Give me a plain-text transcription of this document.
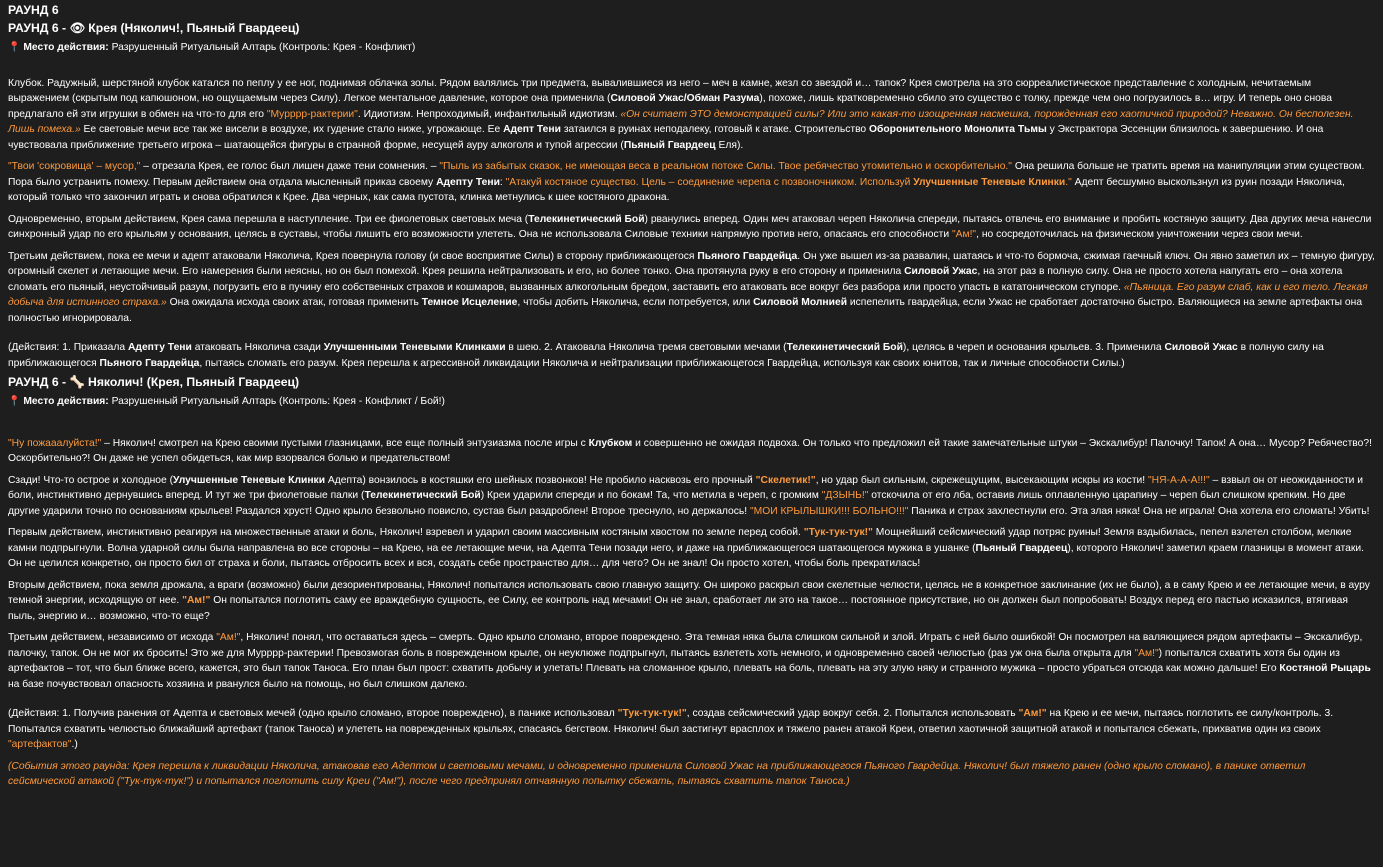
РАУНД 6
РАУНД 6 - 👁 Крея (Няколич!, Пьяный Гвардеец)

📍 Место действия: Разрушенный Ритуальный Алтарь (Контроль: Крея - Конфликт)

Клубок. Радужный, шерстяной клубок катался по пеплу у ее ног, поднимая облачка золы. Рядом валялись три предмета, вывалившиеся из него – меч в камне, жезл со звездой и… тапок? Крея смотрела на это сюрреалистическое представление с холодным, нечитаемым выражением (скрытым под капюшоном, но ощущаемым через Силу). Легкое ментальное давление, которое она применила (Силовой Ужас/Обман Разума), похоже, лишь кратковременно сбило это существо с толку, прежде чем оно погрузилось в… игру. И теперь оно снова предлагало ей эти игрушки в обмен на что-то для его "Мурррр-рактерии". Идиотизм. Непроходимый, инфантильный идиотизм. «Он считает ЭТО демонстрацией силы? Или это какая-то изощренная насмешка, порожденная его хаотичной природой? Неважно. Он бесполезен. Лишь помеха.» Ее световые мечи все так же висели в воздухе, их гудение стало ниже, угрожающе. Ее Адепт Тени затаился в руинах неподалеку, готовый к атаке. Строительство Оборонительного Монолита Тьмы у Экстрактора Эссенции близилось к завершению. И она чувствовала приближение третьего игрока – шатающейся фигуры в странной форме, несущей ауру алкоголя и тупой агрессии (Пьяный Гвардеец Еля).

"Твои 'сокровища' – мусор," – отрезала Крея, ее голос был лишен даже тени сомнения. – "Пыль из забытых сказок, не имеющая веса в реальном потоке Силы. Твое ребячество утомительно и оскорбительно." Она решила больше не тратить время на манипуляции этим существом. Пора было устранить помеху. Первым действием она отдала мысленный приказ своему Адепту Тени: "Атакуй костяное существо. Цель – соединение черепа с позвоночником. Используй Улучшенные Теневые Клинки." Адепт бесшумно выскользнул из руин позади Няколича, который только что закончил играть и снова обратился к Крее. Два черных, как сама пустота, клинка метнулись к шее костяного дракона.

Одновременно, вторым действием, Крея сама перешла в наступление. Три ее фиолетовых световых меча (Телекинетический Бой) рванулись вперед. Один меч атаковал череп Няколича спереди, пытаясь отвлечь его внимание и пробить костяную защиту. Два других меча нанесли синхронный удар по его крыльям у основания, целясь в суставы, чтобы лишить его возможности улететь. Она не использовала Силовые техники напрямую против него, опасаясь его способности "Ам!", но сосредоточилась на физическом уничтожении через свои мечи.

Третьим действием, пока ее мечи и адепт атаковали Няколича, Крея повернула голову (и свое восприятие Силы) в сторону приближающегося Пьяного Гвардейца. Он уже вышел из-за развалин, шатаясь и что-то бормоча, сжимая гаечный ключ. Он явно заметил их – темную фигуру, огромный скелет и летающие мечи. Его намерения были неясны, но он был помехой. Крея решила нейтрализовать и его, но более тонко. Она протянула руку в его сторону и применила Силовой Ужас, на этот раз в полную силу. Она не просто хотела напугать его – она хотела сломать его пьяный, неустойчивый разум, погрузить его в пучину его собственных страхов и кошмаров, вызванных алкогольным бредом, заставить его атаковать все вокруг без разбора или просто упасть в кататоническом ступоре. «Пьяница. Его разум слаб, как и его тело. Легкая добыча для истинного страха.» Она ожидала исхода своих атак, готовая применить Темное Исцеление, чтобы добить Няколича, если потребуется, или Силовой Молнией испепелить гвардейца, если Ужас не сработает достаточно быстро. Валяющиеся на земле артефакты она полностью игнорировала.

(Действия: 1. Приказала Адепту Тени атаковать Няколича сзади Улучшенными Теневыми Клинками в шею. 2. Атаковала Няколича тремя световыми мечами (Телекинетический Бой), целясь в череп и основания крыльев. 3. Применила Силовой Ужас в полную силу на приближающегося Пьяного Гвардейца, пытаясь сломать его разум. Крея перешла к агрессивной ликвидации Няколича и нейтрализации приближающегося Гвардейца, используя как своих юнитов, так и личные способности Силы.)

РАУНД 6 - 🦴 Няколич! (Крея, Пьяный Гвардеец)

📍 Место действия: Разрушенный Ритуальный Алтарь (Контроль: Крея - Конфликт / Бой!)

"Ну пожааалуйста!" – Няколич! смотрел на Крею своими пустыми глазницами, все еще полный энтузиазма после игры с Клубком и совершенно не ожидая подвоха. Он только что предложил ей такие замечательные штуки – Экскалибур! Палочку! Тапок! А она… Мусор? Ребячество?! Оскорбительно?! Он даже не успел обидеться, как мир взорвался болью и предательством!

Сзади! Что-то острое и холодное (Улучшенные Теневые Клинки Адепта) вонзилось в костяшки его шейных позвонков! Не пробило насквозь его прочный "Скелетик!", но удар был сильным, скрежещущим, высекающим искры из кости! "НЯ-А-А-А!!!" – взвыл он от неожиданности и боли, инстинктивно дернувшись вперед. И тут же три фиолетовые палки (Телекинетический Бой) Креи ударили спереди и по бокам! Та, что метила в череп, с громким "ДЗЫНЬ!" отскочила от его лба, оставив лишь оплавленную царапину – череп был слишком крепким. Но две другие ударили точно по основаниям крыльев! Раздался хруст! Одно крыло безвольно повисло, сустав был раздроблен! Второе треснуло, но держалось! "МОИ КРЫЛЫШКИ!!! БОЛЬНО!!!" Паника и страх захлестнули его. Эта злая няка! Она не играла! Она хотела его сломать! Убить!

Первым действием, инстинктивно реагируя на множественные атаки и боль, Няколич! взревел и ударил своим массивным костяным хвостом по земле перед собой. "Тук-тук-тук!" Мощнейший сейсмический удар потряс руины! Земля вздыбилась, пепел взлетел столбом, мелкие камни подпрыгнули. Волна ударной силы была направлена во все стороны – на Крею, на ее летающие мечи, на Адепта Тени позади него, и даже на приближающегося шатающегося мужика в ушанке (Пьяный Гвардеец), которого Няколич! заметил краем глазницы в момент атаки. Он не целился конкретно, он просто бил от страха и боли, пытаясь отбросить всех и вся, создать себе пространство для… для чего? Он не знал! Он просто хотел, чтобы боль прекратилась!

Вторым действием, пока земля дрожала, а враги (возможно) были дезориентированы, Няколич! попытался использовать свою главную защиту. Он широко раскрыл свои скелетные челюсти, целясь не в конкретное заклинание (их не было), а в саму Крею и ее летающие мечи, в ауру темной энергии, исходящую от нее. "Ам!" Он попытался поглотить саму ее враждебную сущность, ее Силу, ее контроль над мечами! Он не знал, сработает ли это на такое… постоянное присутствие, но он должен был попробовать! Воздух перед его пастью исказился, втягивая пыль, энергию и… возможно, что-то еще?

Третьим действием, независимо от исхода "Ам!", Няколич! понял, что оставаться здесь – смерть. Одно крыло сломано, второе повреждено. Эта темная няка была слишком сильной и злой. Играть с ней было ошибкой! Он посмотрел на валяющиеся рядом артефакты – Экскалибур, палочку, тапок. Он не мог их бросить! Это же для Мурррр-рактерии! Превозмогая боль в поврежденном крыле, он неуклюже подпрыгнул, пытаясь взлететь хоть немного, и одновременно своей челюстью (раз уж она была открыта для "Ам!") попытался схватить хотя бы один из артефактов – тот, что был ближе всего, кажется, это был тапок Таноса. Его план был прост: схватить добычу и улетать! Плевать на сломанное крыло, плевать на боль, плевать на эту злую няку и странного мужика – просто убраться отсюда как можно дальше! Его Костяной Рыцарь на базе почувствовал опасность хозяина и рванулся было на помощь, но был слишком далеко.

(Действия: 1. Получив ранения от Адепта и световых мечей (одно крыло сломано, второе повреждено), в панике использовал "Тук-тук-тук!", создав сейсмический удар вокруг себя. 2. Попытался использовать "Ам!" на Крею и ее мечи, пытаясь поглотить ее силу/контроль. 3. Попытался схватить челюстью ближайший артефакт (тапок Таноса) и улететь на поврежденных крыльях, спасаясь бегством. Няколич! был застигнут врасплох и тяжело ранен атакой Креи, ответил хаотичной защитной атакой и попытался сбежать, прихватив один из своих "артефактов".)

(События этого раунда: Крея перешла к ликвидации Няколича, атаковав его Адептом и световыми мечами, и одновременно применила Силовой Ужас на приближающегося Пьяного Гвардейца. Няколич! был тяжело ранен (одно крыло сломано), в панике ответил сейсмической атакой ("Тук-тук-тук!") и попытался поглотить силу Креи ("Ам!"), после чего предпринял отчаянную попытку сбежать, пытаясь схватить тапок Таноса.)
